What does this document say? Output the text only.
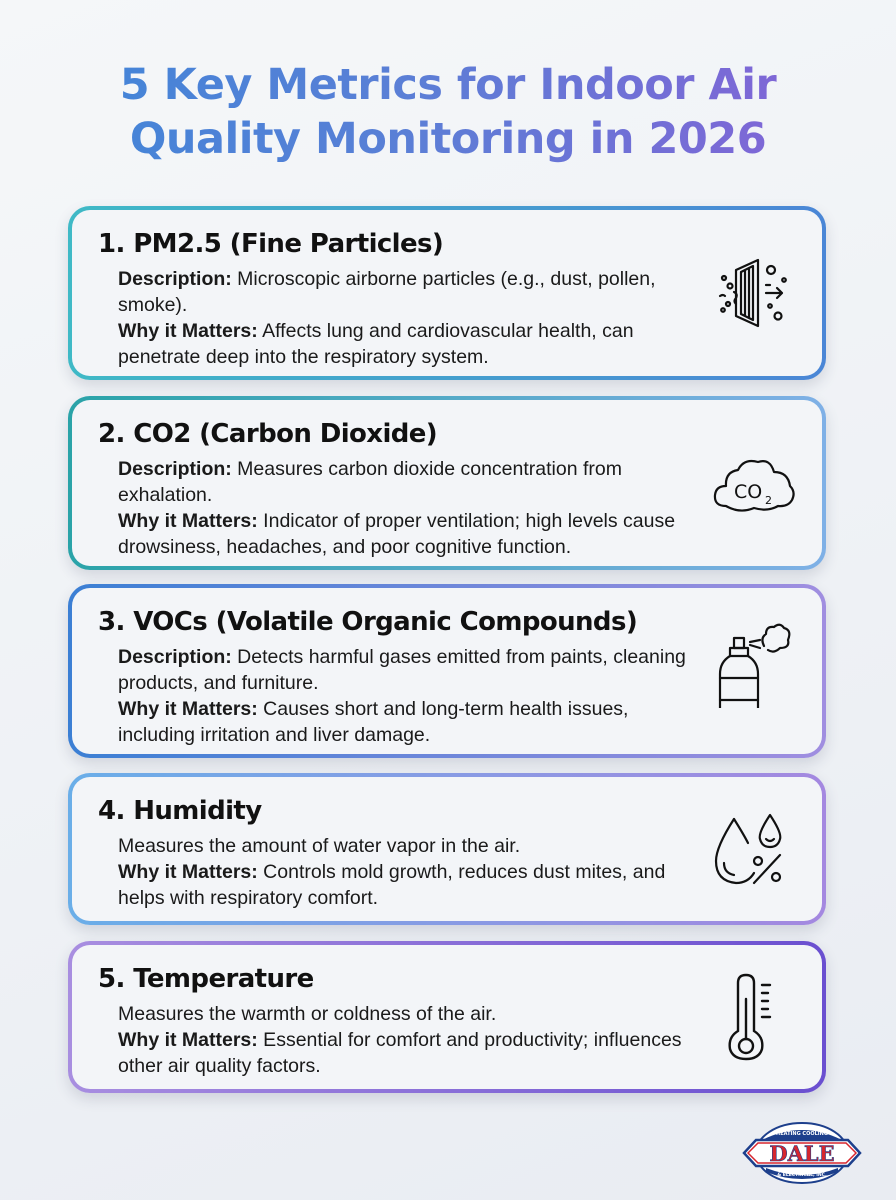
5 Key Metrics for Indoor Air
Quality Monitoring in 2026
1. PM2.5 (Fine Particles)
Description: Microscopic airborne particles (e.g., dust, pollen, smoke).
Why it Matters: Affects lung and cardiovascular health, can penetrate deep into the respiratory system.
2. CO2 (Carbon Dioxide)
Description: Measures carbon dioxide concentration from exhalation.
Why it Matters: Indicator of proper ventilation; high levels cause drowsiness, headaches, and poor cognitive function.
CO 2
3. VOCs (Volatile Organic Compounds)
Description: Detects harmful gases emitted from paints, cleaning products, and furniture.
Why it Matters: Causes short and long-term health issues, including irritation and liver damage.
4. Humidity
Measures the amount of water vapor in the air.
Why it Matters: Controls mold growth, reduces dust mites, and helps with respiratory comfort.
5. Temperature
Measures the warmth or coldness of the air.
Why it Matters: Essential for comfort and productivity; influences other air quality factors.
DALE
HEATING COOLING
& ELECTRICAL, INC.
